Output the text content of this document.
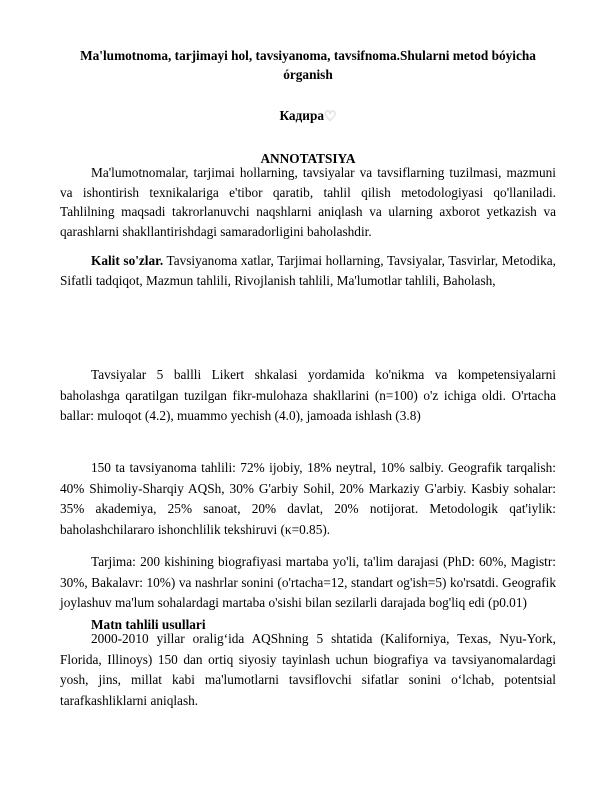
Ma'lumotnoma, tarjimayi hol, tavsiyanoma, tavsifnoma.Shularni metod bóyicha órganish
Кадира♡
ANNOTATSIYA

Ma'lumotnomalar, tarjimai hollarning, tavsiyalar va tavsiflarning tuzilmasi, mazmuni va ishontirish texnikalariga e'tibor qaratib, tahlil qilish metodologiyasi qo'llaniladi. Tahlilning maqsadi takrorlanuvchi naqshlarni aniqlash va ularning axborot yetkazish va qarashlarni shakllantirishdagi samaradorligini baholashdir.

Kalit so'zlar. Tavsiyanoma xatlar, Tarjimai hollarning, Tavsiyalar, Tasvirlar, Metodika, Sifatli tadqiqot, Mazmun tahlili, Rivojlanish tahlili, Ma'lumotlar tahlili, Baholash,

Tavsiyalar 5 ballli Likert shkalasi yordamida ko'nikma va kompetensiyalarni baholashga qaratilgan tuzilgan fikr-mulohaza shakllarini (n=100) o'z ichiga oldi. O'rtacha ballar: muloqot (4.2), muammo yechish (4.0), jamoada ishlash (3.8)

150 ta tavsiyanoma tahlili: 72% ijobiy, 18% neytral, 10% salbiy. Geografik tarqalish: 40% Shimoliy-Sharqiy AQSh, 30% G'arbiy Sohil, 20% Markaziy G'arbiy. Kasbiy sohalar: 35% akademiya, 25% sanoat, 20% davlat, 20% notijorat. Metodologik qat'iylik: baholashchilararo ishonchlilik tekshiruvi (κ=0.85).

Tarjima: 200 kishining biografiyasi martaba yo'li, ta'lim darajasi (PhD: 60%, Magistr: 30%, Bakalavr: 10%) va nashrlar sonini (o'rtacha=12, standart og'ish=5) ko'rsatdi. Geografik joylashuv ma'lum sohalardagi martaba o'sishi bilan sezilarli darajada bog'liq edi (p0.01)

Matn tahlili usullari

2000-2010 yillar oralig‘ida AQShning 5 shtatida (Kaliforniya, Texas, Nyu-York, Florida, Illinoys) 150 dan ortiq siyosiy tayinlash uchun biografiya va tavsiyanomalardagi yosh, jins, millat kabi ma'lumotlarni tavsiflovchi sifatlar sonini o‘lchab, potentsial tarafkashliklarni aniqlash.
